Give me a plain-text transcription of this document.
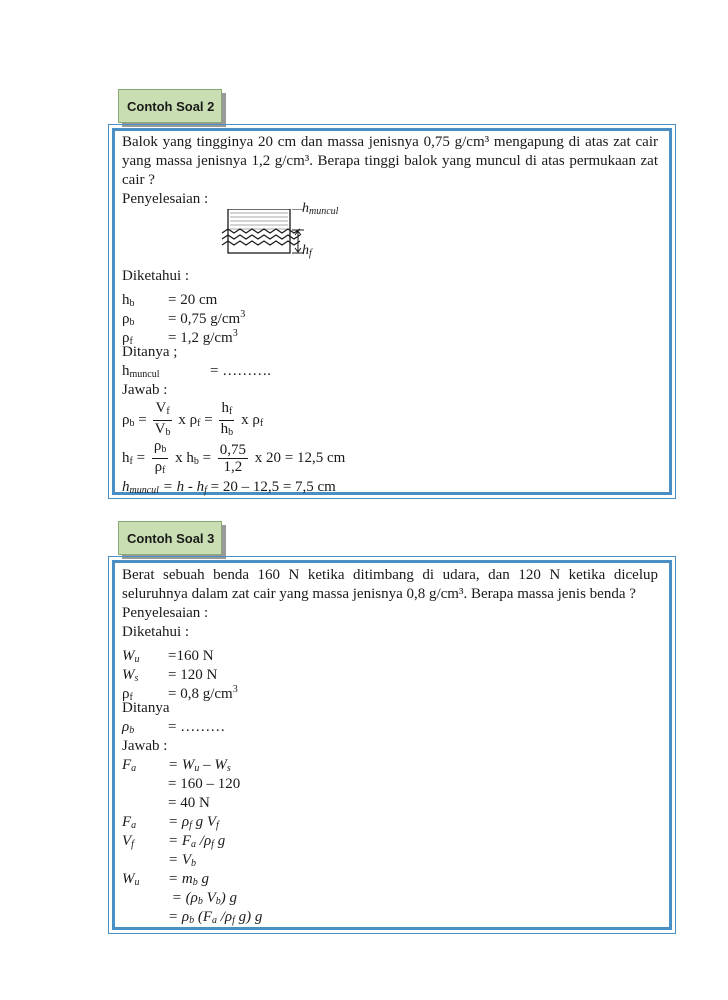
Contoh Soal 2

Balok yang tingginya 20 cm dan massa jenisnya 0,75 g/cm³ mengapung di atas zat cair yang massa jenisnya 1,2 g/cm³. Berapa tinggi balok yang muncul di atas permukaan zat cair ?

Penyelesaian :
$h_{muncul}$
$h_f$
Diketahui :
$h_b = 20$ cm
$\rho_b = 0,75$ $g/cm^3$
$\rho_f = 1,2$ $g/cm^3$
Ditanya ;
$h_{muncul}$	= ……….
Jawab :
$\rho_b = \frac{V_f}{V_b}$ x $\rho_f = \frac{h_f}{h_b}$ x $\rho_f$
$h_f = \frac{\rho_b}{\rho_f}$ x $h_b = \frac{0,75}{1,2}$ x 20 = 12,5 cm
$h_{muncul} = h - h_f = 20 - 12,5 = 7,5$ cm
Contoh Soal 3

Berat sebuah benda 160 N ketika ditimbang di udara, dan 120 N ketika dicelup seluruhnya dalam zat cair yang massa jenisnya 0,8 g/cm³. Berapa massa jenis benda ?

Penyelesaian :
Diketahui :
$W_u =160$ N
$W_s = 120$ N
$\rho_f = 0,8$ $g/cm^3$
Ditanya
$\rho_b$ = ………
Jawab :
$F_a = W_u - W_s$
= 160 – 120
= 40 N
$F_a = \rho_f$ g $V_f$
$V_f = F_a$ $/\rho_f$ g
= $V_b$
$W_u = m_b$ g
= ($\rho_b$ $V_b$) g
= $\rho_b$ ($F_a$ $/\rho_f$ g) g
